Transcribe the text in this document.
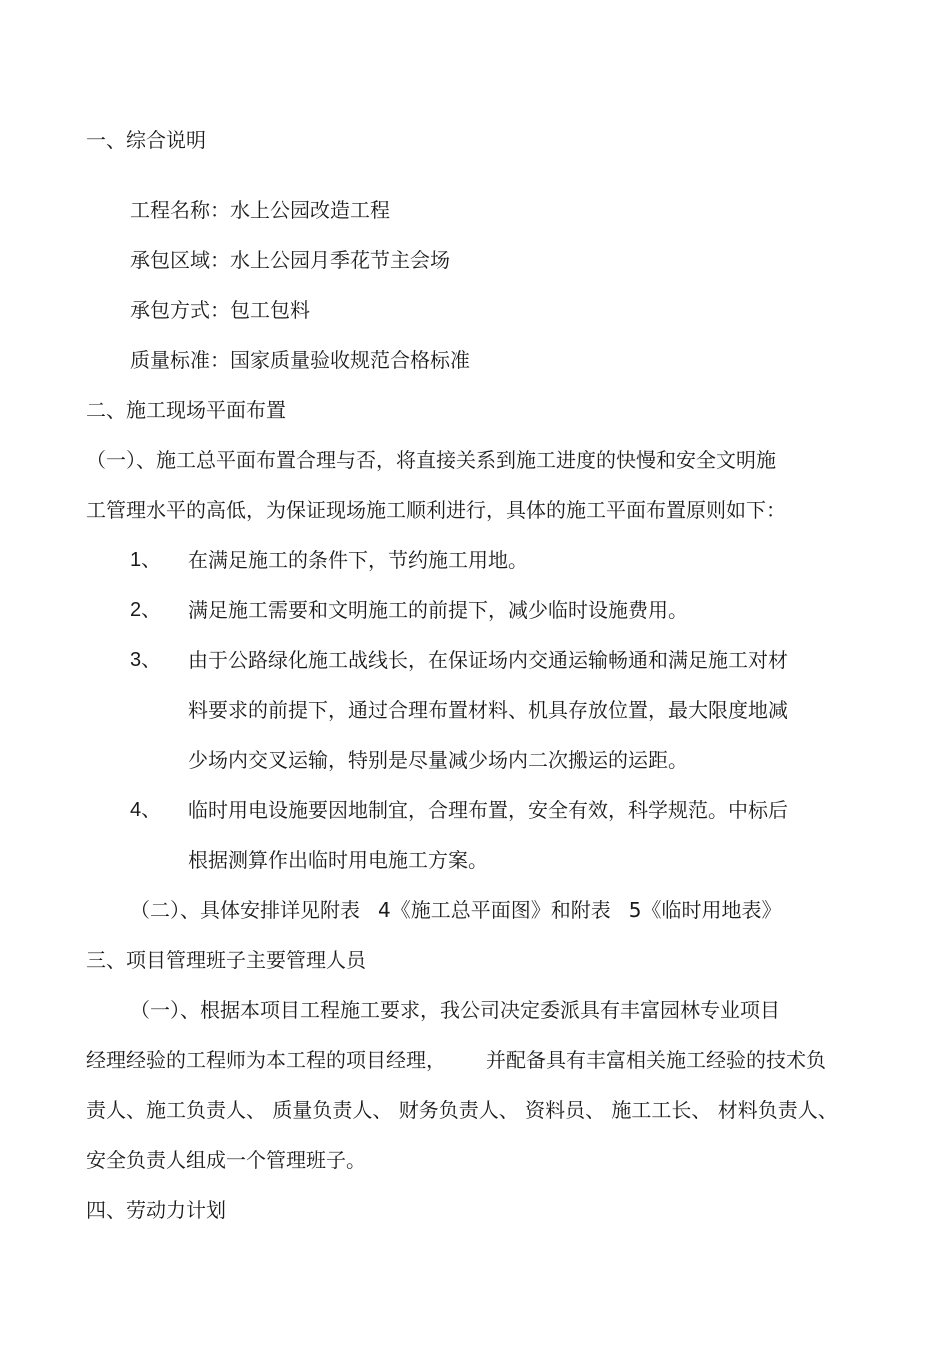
一、综合说明
工程名称：水上公园改造工程
承包区域：水上公园月季花节主会场
承包方式：包工包料
质量标准：国家质量验收规范合格标准
二、施工现场平面布置
（一）、施工总平面布置合理与否，将直接关系到施工进度的快慢和安全文明施
工管理水平的高低，为保证现场施工顺利进行，具体的施工平面布置原则如下：
1、 在满足施工的条件下，节约施工用地。
2、 满足施工需要和文明施工的前提下，减少临时设施费用。
3、 由于公路绿化施工战线长，在保证场内交通运输畅通和满足施工对材
料要求的前提下，通过合理布置材料、机具存放位置，最大限度地减
少场内交叉运输，特别是尽量减少场内二次搬运的运距。
4、 临时用电设施要因地制宜，合理布置，安全有效，科学规范。中标后
根据测算作出临时用电施工方案。
（二）、具体安排详见附表 4《施工总平面图》和附表 5《临时用地表》
三、项目管理班子主要管理人员
（一）、根据本项目工程施工要求，我公司决定委派具有丰富园林专业项目
经理经验的工程师为本工程的项目经理， 并配备具有丰富相关施工经验的技术负
责人、施工负责人、 质量负责人、 财务负责人、 资料员、 施工工长、 材料负责人、
安全负责人组成一个管理班子。
四、劳动力计划
